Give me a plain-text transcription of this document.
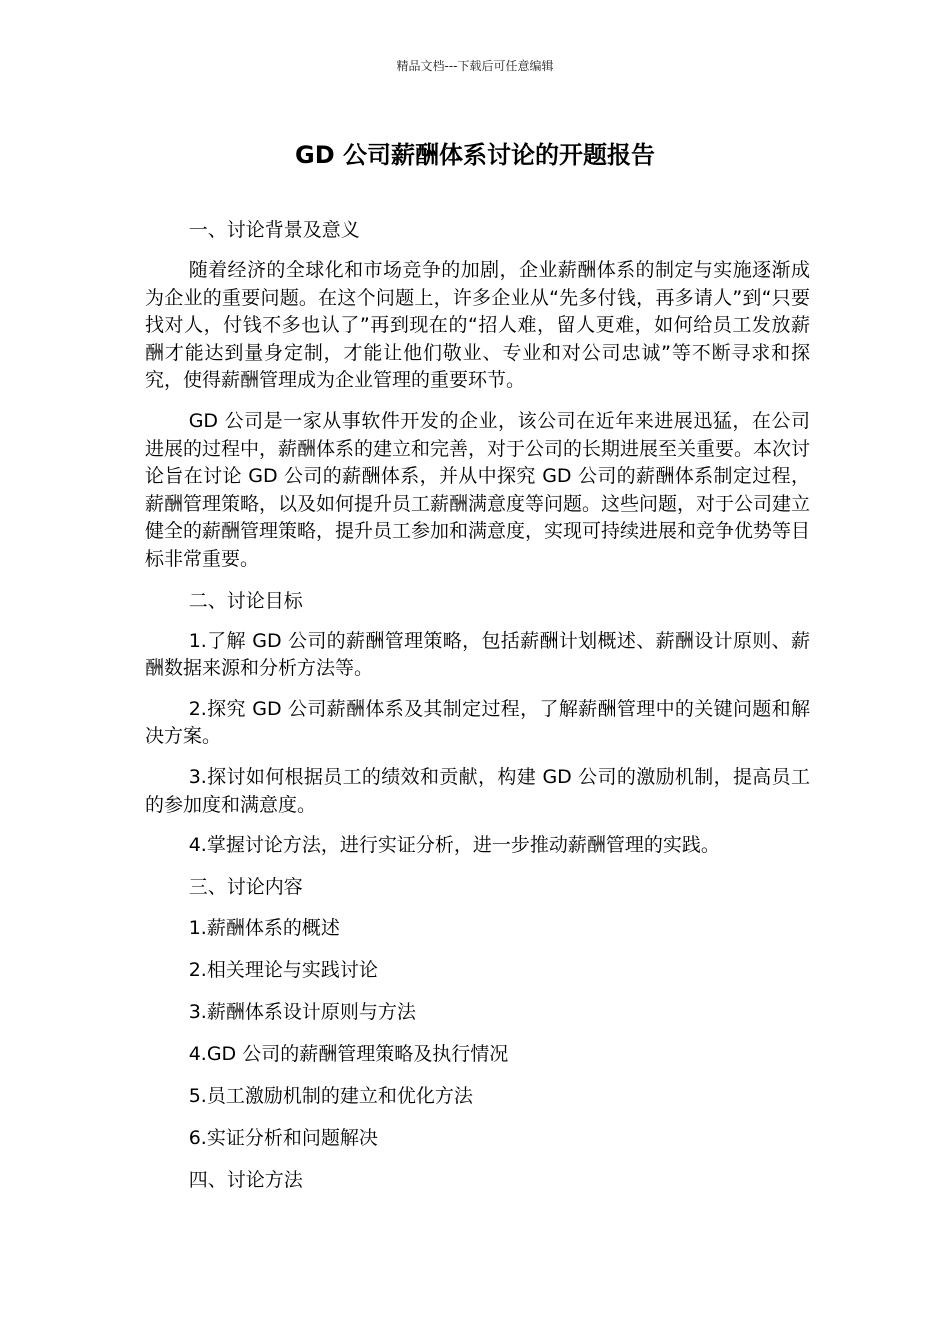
精品文档---下载后可任意编辑
GD 公司薪酬体系讨论的开题报告

一、讨论背景及意义

随着经济的全球化和市场竞争的加剧，企业薪酬体系的制定与实施逐渐成为企业的重要问题。在这个问题上，许多企业从“先多付钱，再多请人”到“只要找对人，付钱不多也认了”再到现在的“招人难，留人更难，如何给员工发放薪酬才能达到量身定制，才能让他们敬业、专业和对公司忠诚”等不断寻求和探究，使得薪酬管理成为企业管理的重要环节。

GD 公司是一家从事软件开发的企业，该公司在近年来进展迅猛，在公司进展的过程中，薪酬体系的建立和完善，对于公司的长期进展至关重要。本次讨论旨在讨论 GD 公司的薪酬体系，并从中探究 GD 公司的薪酬体系制定过程，薪酬管理策略，以及如何提升员工薪酬满意度等问题。这些问题，对于公司建立健全的薪酬管理策略，提升员工参加和满意度，实现可持续进展和竞争优势等目标非常重要。

二、讨论目标

1.了解 GD 公司的薪酬管理策略，包括薪酬计划概述、薪酬设计原则、薪酬数据来源和分析方法等。

2.探究 GD 公司薪酬体系及其制定过程，了解薪酬管理中的关键问题和解决方案。

3.探讨如何根据员工的绩效和贡献，构建 GD 公司的激励机制，提高员工的参加度和满意度。

4.掌握讨论方法，进行实证分析，进一步推动薪酬管理的实践。

三、讨论内容

1.薪酬体系的概述

2.相关理论与实践讨论

3.薪酬体系设计原则与方法

4.GD 公司的薪酬管理策略及执行情况

5.员工激励机制的建立和优化方法

6.实证分析和问题解决

四、讨论方法
